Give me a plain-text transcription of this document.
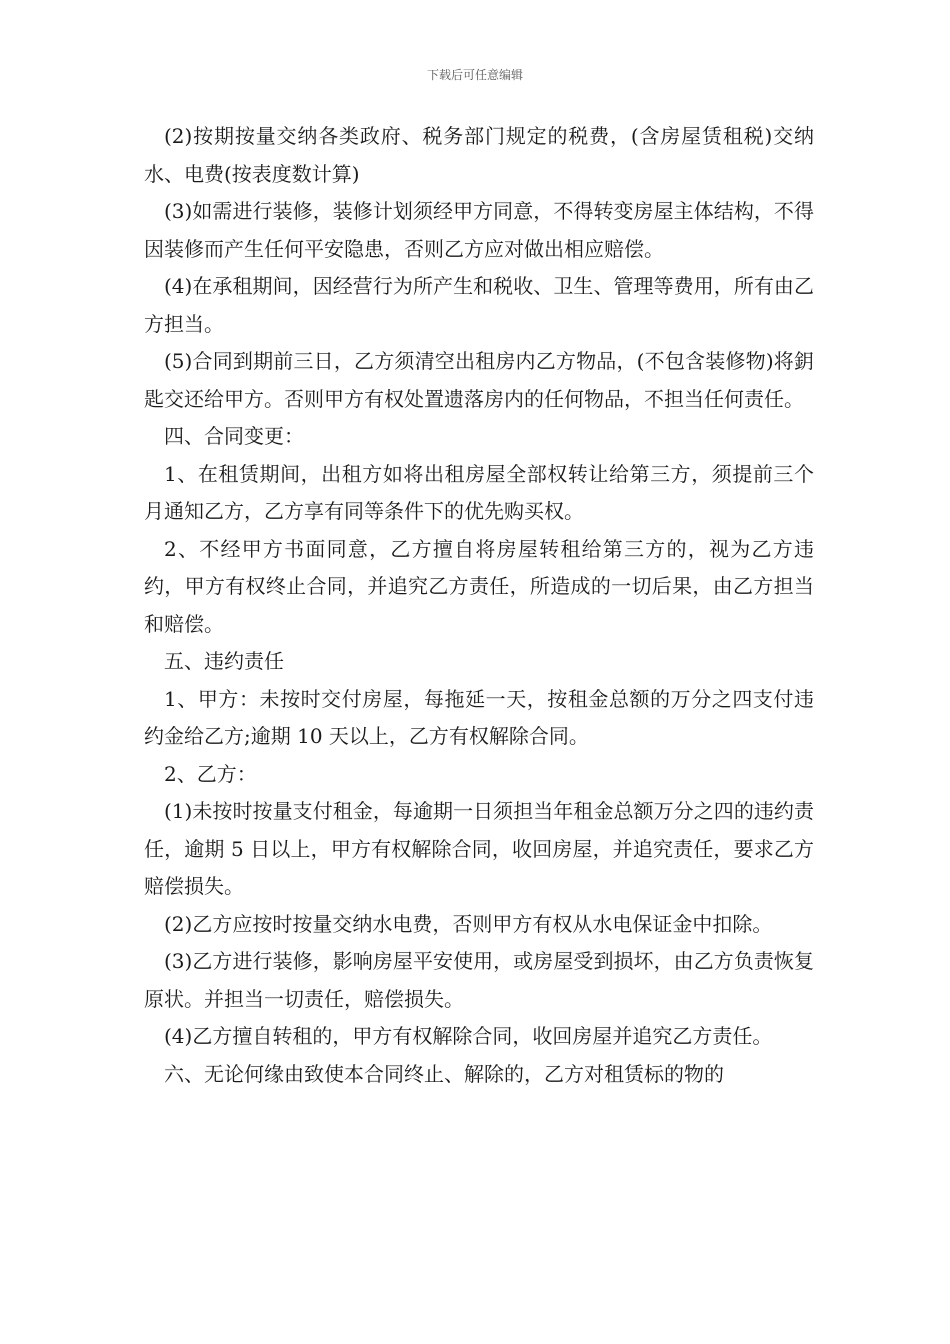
下载后可任意编辑

(2)按期按量交纳各类政府、税务部门规定的税费，(含房屋赁租税)交纳水、电费(按表度数计算)

(3)如需进行装修，装修计划须经甲方同意，不得转变房屋主体结构，不得因装修而产生任何平安隐患，否则乙方应对做出相应赔偿。

(4)在承租期间，因经营行为所产生和税收、卫生、管理等费用，所有由乙方担当。

(5)合同到期前三日，乙方须清空出租房内乙方物品，(不包含装修物)将鈅匙交还给甲方。否则甲方有权处置遗落房内的任何物品，不担当任何责任。

四、合同变更：

1、在租赁期间，出租方如将出租房屋全部权转让给第三方，须提前三个月通知乙方，乙方享有同等条件下的优先购买权。

2、不经甲方书面同意，乙方擅自将房屋转租给第三方的，视为乙方违约，甲方有权终止合同，并追究乙方责任，所造成的一切后果，由乙方担当和赔偿。

五、违约责任

1、甲方：未按时交付房屋，每拖延一天，按租金总额的万分之四支付违约金给乙方;逾期 10 天以上，乙方有权解除合同。

2、乙方：

(1)未按时按量支付租金，每逾期一日须担当年租金总额万分之四的违约责任，逾期 5 日以上，甲方有权解除合同，收回房屋，并追究责任，要求乙方赔偿损失。

(2)乙方应按时按量交纳水电费，否则甲方有权从水电保证金中扣除。

(3)乙方进行装修，影响房屋平安使用，或房屋受到损坏，由乙方负责恢复原状。并担当一切责任，赔偿损失。

(4)乙方擅自转租的，甲方有权解除合同，收回房屋并追究乙方责任。

六、无论何缘由致使本合同终止、解除的，乙方对租赁标的物的
